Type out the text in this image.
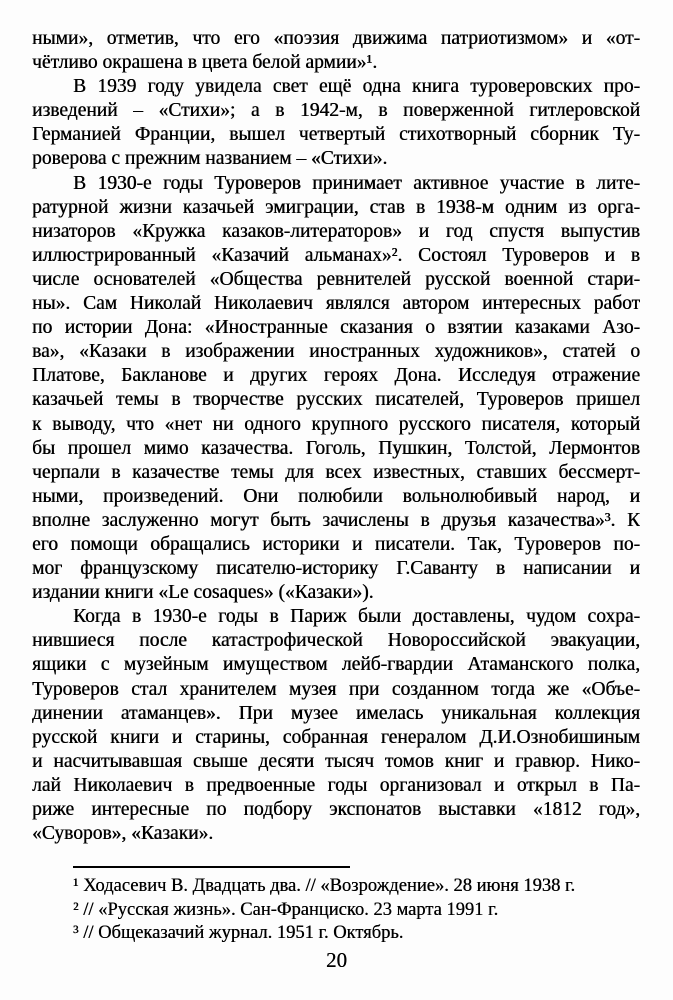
ными», отметив, что его «поэзия движима патриотизмом» и «от-
чётливо окрашена в цвета белой армии»¹.
В 1939 году увидела свет ещё одна книга туроверовских про-
изведений – «Стихи»; а в 1942-м, в поверженной гитлеровской
Германией Франции, вышел четвертый стихотворный сборник Ту-
роверова с прежним названием – «Стихи».
В 1930-е годы Туроверов принимает активное участие в лите-
ратурной жизни казачьей эмиграции, став в 1938-м одним из орга-
низаторов «Кружка казаков-литераторов» и год спустя выпустив
иллюстрированный «Казачий альманах»². Состоял Туроверов и в
числе основателей «Общества ревнителей русской военной стари-
ны». Сам Николай Николаевич являлся автором интересных работ
по истории Дона: «Иностранные сказания о взятии казаками Азо-
ва», «Казаки в изображении иностранных художников», статей о
Платове, Бакланове и других героях Дона. Исследуя отражение
казачьей темы в творчестве русских писателей, Туроверов пришел
к выводу, что «нет ни одного крупного русского писателя, который
бы прошел мимо казачества. Гоголь, Пушкин, Толстой, Лермонтов
черпали в казачестве темы для всех известных, ставших бессмерт-
ными, произведений. Они полюбили вольнолюбивый народ, и
вполне заслуженно могут быть зачислены в друзья казачества»³. К
его помощи обращались историки и писатели. Так, Туроверов по-
мог французскому писателю-историку Г.Саванту в написании и
издании книги «Le cosaques» («Казаки»).
Когда в 1930-е годы в Париж были доставлены, чудом сохра-
нившиеся после катастрофической Новороссийской эвакуации,
ящики с музейным имуществом лейб-гвардии Атаманского полка,
Туроверов стал хранителем музея при созданном тогда же «Объе-
динении атаманцев». При музее имелась уникальная коллекция
русской книги и старины, собранная генералом Д.И.Ознобишиным
и насчитывавшая свыше десяти тысяч томов книг и гравюр. Нико-
лай Николаевич в предвоенные годы организовал и открыл в Па-
риже интересные по подбору экспонатов выставки «1812 год»,
«Суворов», «Казаки».
¹ Ходасевич В. Двадцать два. // «Возрождение». 28 июня 1938 г.
² // «Русская жизнь». Сан-Франциско. 23 марта 1991 г.
³ // Общеказачий журнал. 1951 г. Октябрь.
20
